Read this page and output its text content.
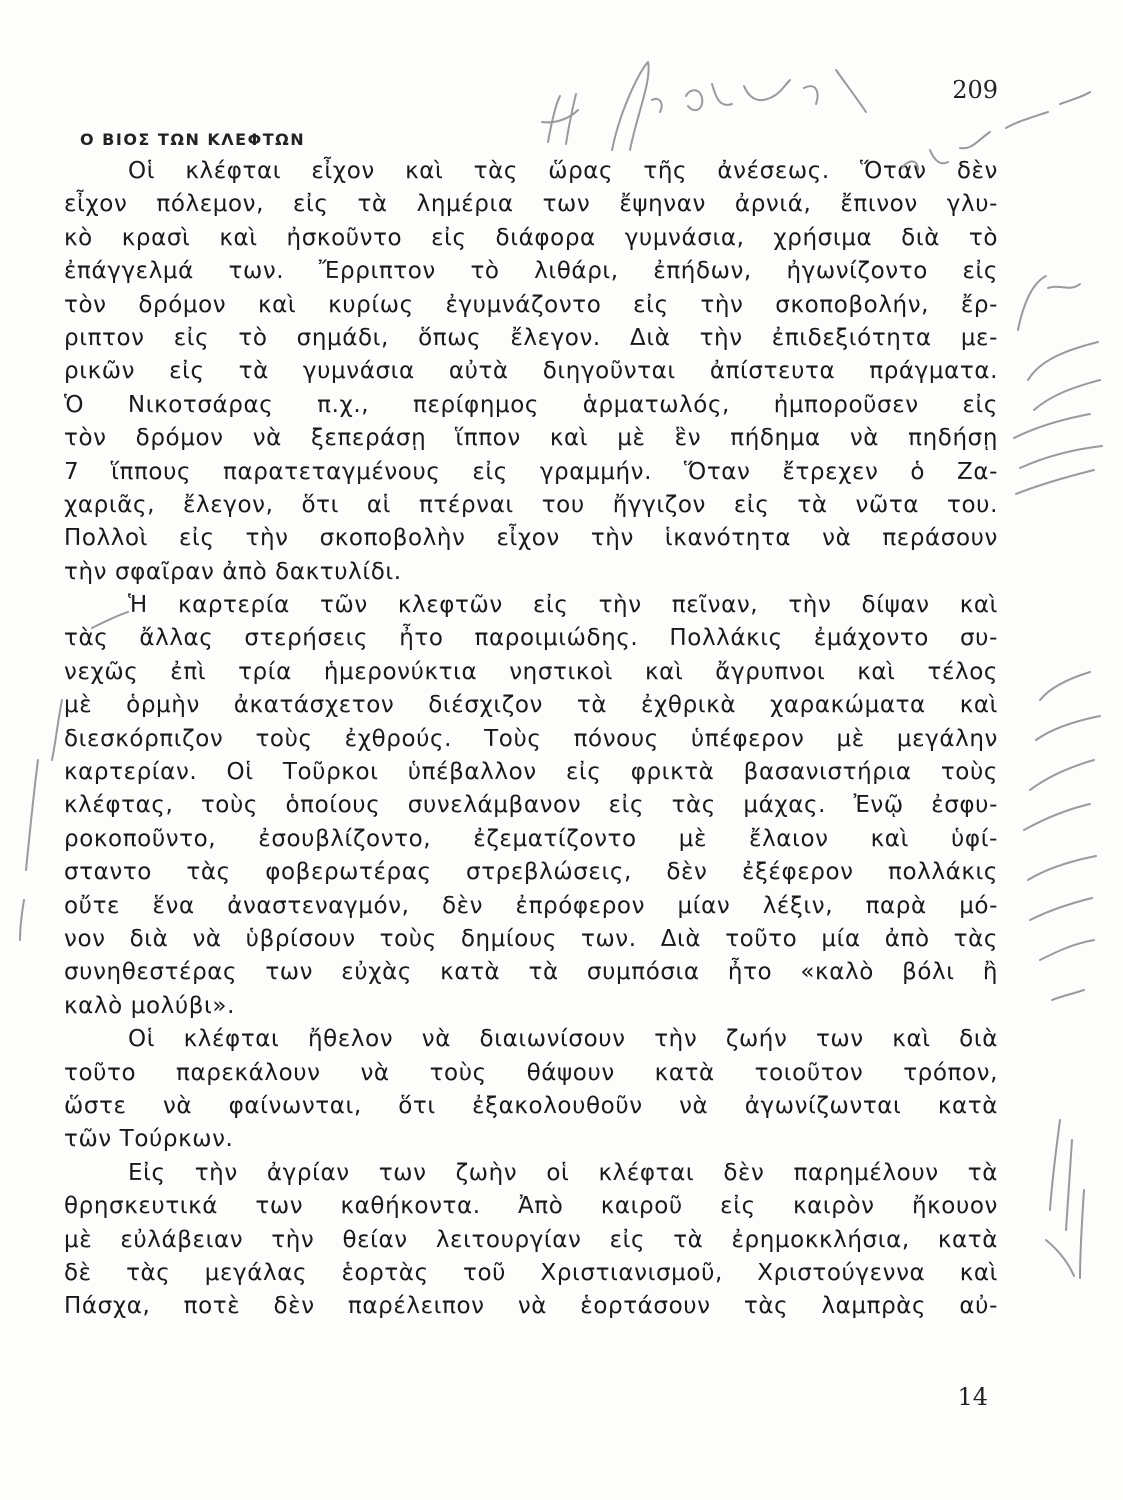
209
Ο ΒΙΟΣ ΤΩΝ ΚΛΕΦΤΩΝ
Οἱ κλέφται εἶχον καὶ τὰς ὥρας τῆς ἀνέσεως. Ὅταν δὲν
εἶχον πόλεμον, εἰς τὰ λημέρια των ἔψηναν ἀρνιά, ἔπινον γλυ-
κὸ κρασὶ καὶ ἠσκοῦντο εἰς διάφορα γυμνάσια, χρήσιμα διὰ τὸ
ἐπάγγελμά των. Ἔρριπτον τὸ λιθάρι, ἐπήδων, ἠγωνίζοντο εἰς
τὸν δρόμον καὶ κυρίως ἐγυμνάζοντο εἰς τὴν σκοποβολήν, ἔρ-
ριπτον εἰς τὸ σημάδι, ὅπως ἔλεγον. Διὰ τὴν ἐπιδεξιότητα με-
ρικῶν εἰς τὰ γυμνάσια αὐτὰ διηγοῦνται ἀπίστευτα πράγματα.
Ὁ Νικοτσάρας π.χ., περίφημος ἁρματωλός, ἠμποροῦσεν εἰς
τὸν δρόμον νὰ ξεπεράσῃ ἵππον καὶ μὲ ἓν πήδημα νὰ πηδήσῃ
7 ἵππους παρατεταγμένους εἰς γραμμήν. Ὅταν ἔτρεχεν ὁ Ζα-
χαριᾶς, ἔλεγον, ὅτι αἱ πτέρναι του ἤγγιζον εἰς τὰ νῶτα του.
Πολλοὶ εἰς τὴν σκοποβολὴν εἶχον τὴν ἱκανότητα νὰ περάσουν
τὴν σφαῖραν ἀπὸ δακτυλίδι.
Ἡ καρτερία τῶν κλεφτῶν εἰς τὴν πεῖναν, τὴν δίψαν καὶ
τὰς ἄλλας στερήσεις ἦτο παροιμιώδης. Πολλάκις ἐμάχοντο συ-
νεχῶς ἐπὶ τρία ἡμερονύκτια νηστικοὶ καὶ ἄγρυπνοι καὶ τέλος
μὲ ὁρμὴν ἀκατάσχετον διέσχιζον τὰ ἐχθρικὰ χαρακώματα καὶ
διεσκόρπιζον τοὺς ἐχθρούς. Τοὺς πόνους ὑπέφερον μὲ μεγάλην
καρτερίαν. Οἱ Τοῦρκοι ὑπέβαλλον εἰς φρικτὰ βασανιστήρια τοὺς
κλέφτας, τοὺς ὁποίους συνελάμβανον εἰς τὰς μάχας. Ἐνῷ ἐσφυ-
ροκοποῦντο, ἐσουβλίζοντο, ἐζεματίζοντο μὲ ἔλαιον καὶ ὑφί-
σταντο τὰς φοβερωτέρας στρεβλώσεις, δὲν ἐξέφερον πολλάκις
οὔτε ἕνα ἀναστεναγμόν, δὲν ἐπρόφερον μίαν λέξιν, παρὰ μό-
νον διὰ νὰ ὑβρίσουν τοὺς δημίους των. Διὰ τοῦτο μία ἀπὸ τὰς
συνηθεστέρας των εὐχὰς κατὰ τὰ συμπόσια ἦτο «καλὸ βόλι ἢ
καλὸ μολύβι».
Οἱ κλέφται ἤθελον νὰ διαιωνίσουν τὴν ζωήν των καὶ διὰ
τοῦτο παρεκάλουν νὰ τοὺς θάψουν κατὰ τοιοῦτον τρόπον,
ὥστε νὰ φαίνωνται, ὅτι ἐξακολουθοῦν νὰ ἀγωνίζωνται κατὰ
τῶν Τούρκων.
Εἰς τὴν ἀγρίαν των ζωὴν οἱ κλέφται δὲν παρημέλουν τὰ
θρησκευτικά των καθήκοντα. Ἀπὸ καιροῦ εἰς καιρὸν ἤκουον
μὲ εὐλάβειαν τὴν θείαν λειτουργίαν εἰς τὰ ἐρημοκκλήσια, κατὰ
δὲ τὰς μεγάλας ἑορτὰς τοῦ Χριστιανισμοῦ, Χριστούγεννα καὶ
Πάσχα, ποτὲ δὲν παρέλειπον νὰ ἑορτάσουν τὰς λαμπρὰς αὐ-
14
